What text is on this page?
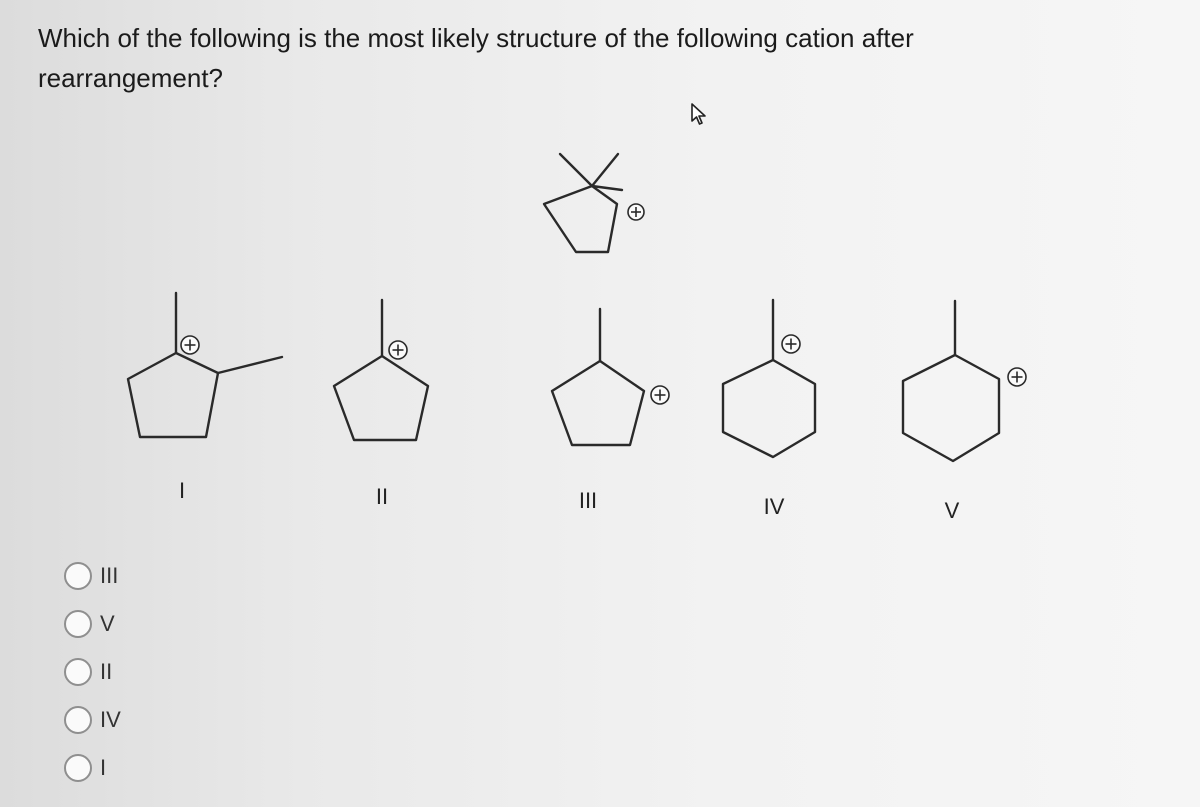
Which of the following is the most likely structure of the following cation after rearrangement?
I	II	III	IV	V
III
V
II
IV
I
